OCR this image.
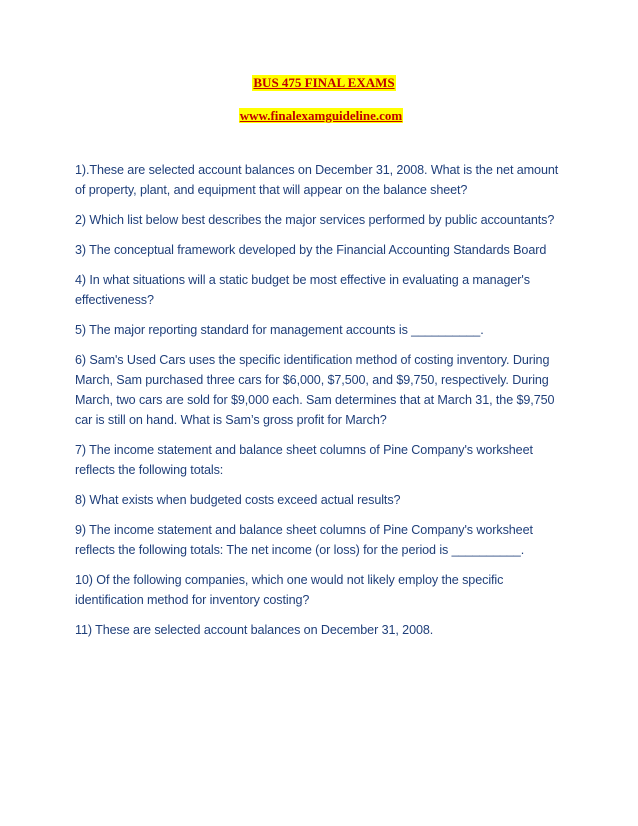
BUS 475 FINAL EXAMS
www.finalexamguideline.com

1).These are selected account balances on December 31, 2008. What is the net amount of property, plant, and equipment that will appear on the balance sheet?

2) Which list below best describes the major services performed by public accountants?

3) The conceptual framework developed by the Financial Accounting Standards Board

4) In what situations will a static budget be most effective in evaluating a manager's effectiveness?

5) The major reporting standard for management accounts is __________.

6) Sam's Used Cars uses the specific identification method of costing inventory. During March, Sam purchased three cars for $6,000, $7,500, and $9,750, respectively. During March, two cars are sold for $9,000 each. Sam determines that at March 31, the $9,750 car is still on hand. What is Sam’s gross profit for March?

7) The income statement and balance sheet columns of Pine Company's worksheet reflects the following totals:

8) What exists when budgeted costs exceed actual results?

9) The income statement and balance sheet columns of Pine Company's worksheet reflects the following totals: The net income (or loss) for the period is __________.

10) Of the following companies, which one would not likely employ the specific identification method for inventory costing?

11) These are selected account balances on December 31, 2008.
